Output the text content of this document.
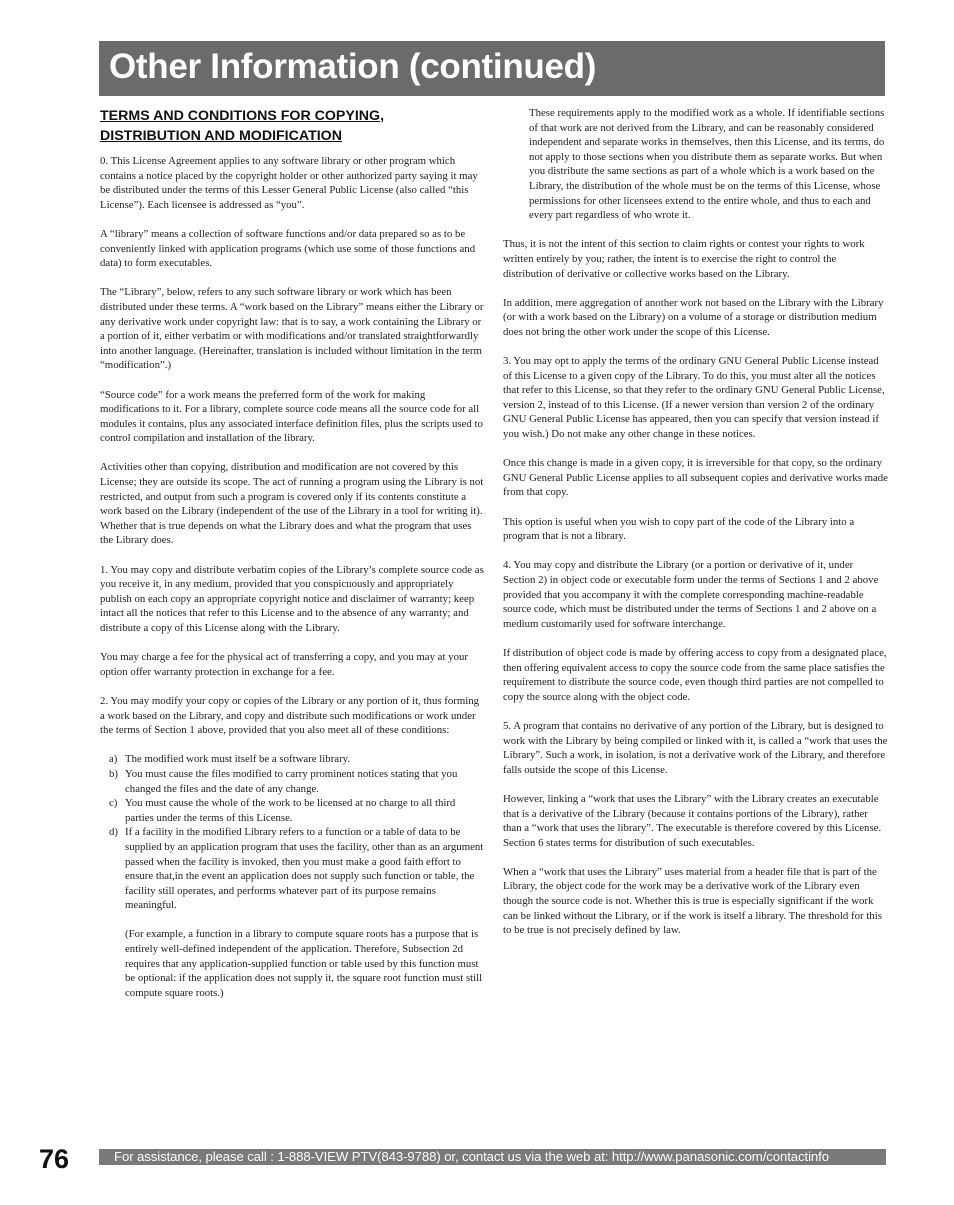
Other Information (continued)
TERMS AND CONDITIONS FOR COPYING,
DISTRIBUTION AND MODIFICATION

0. This License Agreement applies to any software library or other program which contains a notice placed by the copyright holder or other authorized party saying it may be distributed under the terms of this Lesser General Public License (also called “this License”). Each licensee is addressed as “you”.

A “library” means a collection of software functions and/or data prepared so as to be conveniently linked with application programs (which use some of those functions and data) to form executables.

The “Library”, below, refers to any such software library or work which has been distributed under these terms. A “work based on the Library” means either the Library or any derivative work under copyright law: that is to say, a work containing the Library or a portion of it, either verbatim or with modifications and/or translated straightforwardly into another language. (Hereinafter, translation is included without limitation in the term “modification”.)

“Source code” for a work means the preferred form of the work for making modifications to it. For a library, complete source code means all the source code for all modules it contains, plus any associated interface definition files, plus the scripts used to control compilation and installation of the library.

Activities other than copying, distribution and modification are not covered by this License; they are outside its scope. The act of running a program using the Library is not restricted, and output from such a program is covered only if its contents constitute a work based on the Library (independent of the use of the Library in a tool for writing it). Whether that is true depends on what the Library does and what the program that uses the Library does.

1. You may copy and distribute verbatim copies of the Library’s complete source code as you receive it, in any medium, provided that you conspicuously and appropriately publish on each copy an appropriate copyright notice and disclaimer of warranty; keep intact all the notices that refer to this License and to the absence of any warranty; and distribute a copy of this License along with the Library.

You may charge a fee for the physical act of transferring a copy, and you may at your option offer warranty protection in exchange for a fee.

2. You may modify your copy or copies of the Library or any portion of it, thus forming a work based on the Library, and copy and distribute such modifications or work under the terms of Section 1 above, provided that you also meet all of these conditions:

a) The modified work must itself be a software library.
b) You must cause the files modified to carry prominent notices stating that you changed the files and the date of any change.
c) You must cause the whole of the work to be licensed at no charge to all third parties under the terms of this License.
d) If a facility in the modified Library refers to a function or a table of data to be supplied by an application program that uses the facility, other than as an argument passed when the facility is invoked, then you must make a good faith effort to ensure that,in the event an application does not supply such function or table, the facility still operates, and performs whatever part of its purpose remains meaningful.
(For example, a function in a library to compute square roots has a purpose that is entirely well-defined independent of the application. Therefore, Subsection 2d requires that any application-supplied function or table used by this function must be optional: if the application does not supply it, the square root function must still compute square roots.)
These requirements apply to the modified work as a whole. If identifiable sections of that work are not derived from the Library, and can be reasonably considered independent and separate works in themselves, then this License, and its terms, do not apply to those sections when you distribute them as separate works. But when you distribute the same sections as part of a whole which is a work based on the Library, the distribution of the whole must be on the terms of this License, whose permissions for other licensees extend to the entire whole, and thus to each and every part regardless of who wrote it.

Thus, it is not the intent of this section to claim rights or contest your rights to work written entirely by you; rather, the intent is to exercise the right to control the distribution of derivative or collective works based on the Library.

In addition, mere aggregation of another work not based on the Library with the Library (or with a work based on the Library) on a volume of a storage or distribution medium does not bring the other work under the scope of this License.

3. You may opt to apply the terms of the ordinary GNU General Public License instead of this License to a given copy of the Library. To do this, you must alter all the notices that refer to this License, so that they refer to the ordinary GNU General Public License, version 2, instead of to this License. (If a newer version than version 2 of the ordinary GNU General Public License has appeared, then you can specify that version instead if you wish.) Do not make any other change in these notices.

Once this change is made in a given copy, it is irreversible for that copy, so the ordinary GNU General Public License applies to all subsequent copies and derivative works made from that copy.

This option is useful when you wish to copy part of the code of the Library into a program that is not a library.

4. You may copy and distribute the Library (or a portion or derivative of it, under Section 2) in object code or executable form under the terms of Sections 1 and 2 above provided that you accompany it with the complete corresponding machine-readable source code, which must be distributed under the terms of Sections 1 and 2 above on a medium customarily used for software interchange.

If distribution of object code is made by offering access to copy from a designated place, then offering equivalent access to copy the source code from the same place satisfies the requirement to distribute the source code, even though third parties are not compelled to copy the source along with the object code.

5. A program that contains no derivative of any portion of the Library, but is designed to work with the Library by being compiled or linked with it, is called a “work that uses the Library”. Such a work, in isolation, is not a derivative work of the Library, and therefore falls outside the scope of this License.

However, linking a “work that uses the Library” with the Library creates an executable that is a derivative of the Library (because it contains portions of the Library), rather than a “work that uses the library”. The executable is therefore covered by this License. Section 6 states terms for distribution of such executables.

When a “work that uses the Library” uses material from a header file that is part of the Library, the object code for the work may be a derivative work of the Library even though the source code is not. Whether this is true is especially significant if the work can be linked without the Library, or if the work is itself a library. The threshold for this to be true is not precisely defined by law.

76	For assistance, please call : 1-888-VIEW PTV(843-9788) or, contact us via the web at: http://www.panasonic.com/contactinfo
